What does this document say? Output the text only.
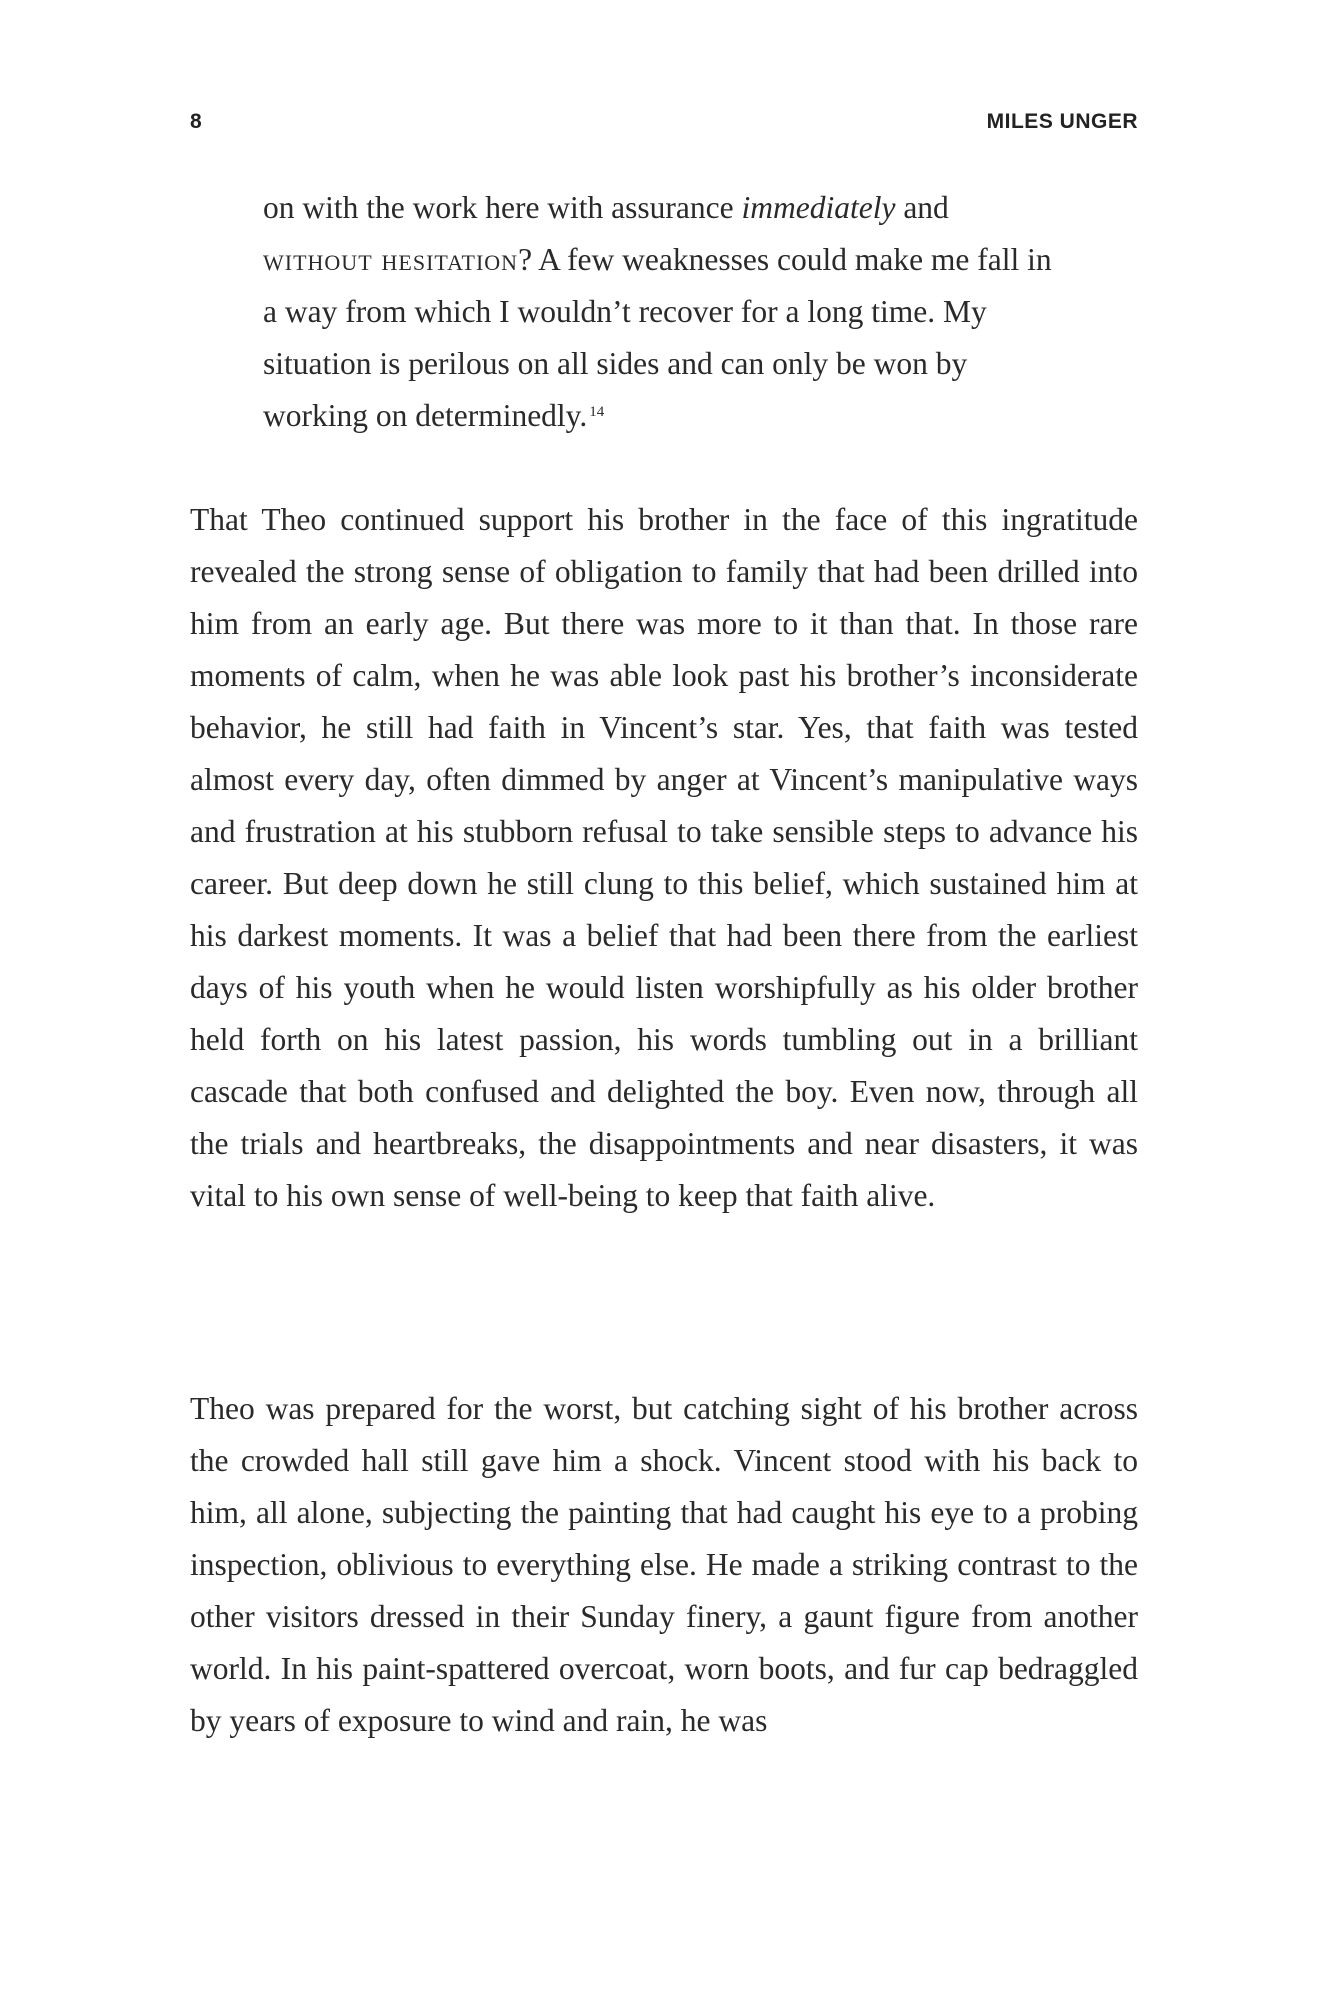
8	MILES UNGER

on with the work here with assurance immediately and without hesitation? A few weaknesses could make me fall in a way from which I wouldn’t recover for a long time. My situation is perilous on all sides and can only be won by working on determinedly. $^{14}$

That Theo continued support his brother in the face of this ingratitude revealed the strong sense of obligation to family that had been drilled into him from an early age. But there was more to it than that. In those rare moments of calm, when he was able look past his brother’s inconsiderate behavior, he still had faith in Vincent’s star. Yes, that faith was tested almost every day, often dimmed by anger at Vincent’s manipulative ways and frustration at his stubborn refusal to take sensible steps to advance his career. But deep down he still clung to this belief, which sustained him at his darkest moments. It was a belief that had been there from the earliest days of his youth when he would listen worshipfully as his older brother held forth on his latest passion, his words tumbling out in a brilliant cascade that both confused and delighted the boy. Even now, through all the trials and heartbreaks, the disappointments and near disasters, it was vital to his own sense of well-being to keep that faith alive.

Theo was prepared for the worst, but catching sight of his brother across the crowded hall still gave him a shock. Vincent stood with his back to him, all alone, subjecting the painting that had caught his eye to a probing inspection, oblivious to everything else. He made a striking contrast to the other visitors dressed in their Sunday finery, a gaunt figure from another world. In his paint-spattered overcoat, worn boots, and fur cap bedraggled by years of exposure to wind and rain, he was
